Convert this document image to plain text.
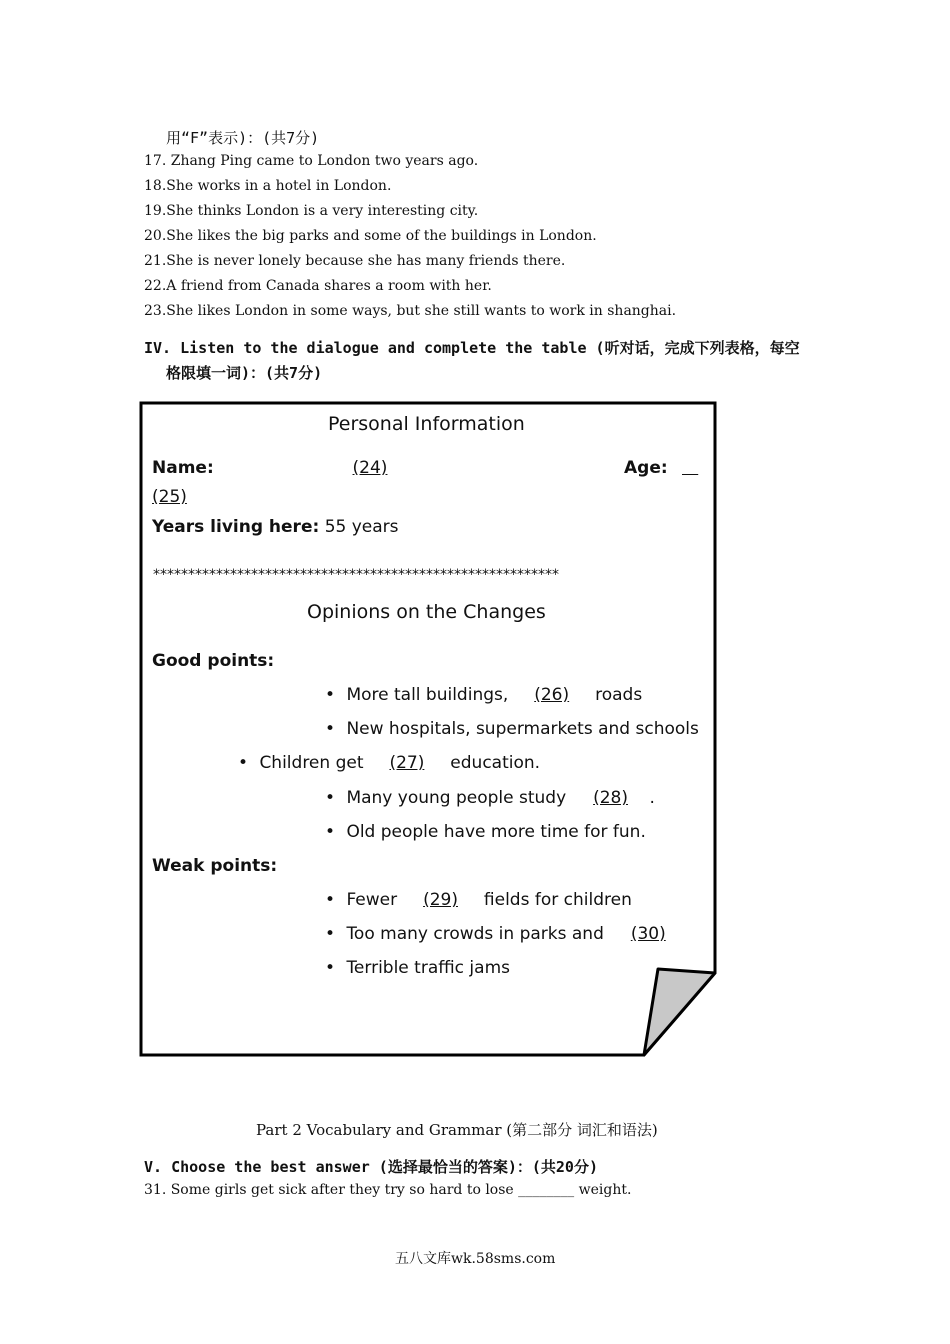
用“F”表示)：(共7分)
17. Zhang Ping came to London two years ago.
18.She works in a hotel in London.
19.She thinks London is a very interesting city.
20.She likes the big parks and some of the buildings in London.
21.She is never lonely because she has many friends there.
22.A friend from Canada shares a room with her.
23.She likes London in some ways, but she still wants to work in shanghai.
IV. Listen to the dialogue and complete the table (听对话，完成下列表格，每空
格限填一词)：(共7分)
Personal Information
Name:	(24)	Age:

(25)
Years living here: 55 years
**********************************************************
Opinions on the Changes
Good points:
• More tall buildings, (26) roads
• New hospitals, supermarkets and schools
• Children get (27) education.
• Many young people study (28) .
• Old people have more time for fun.
Weak points:
• Fewer (29) fields for children
• Too many crowds in parks and (30)
• Terrible traffic jams
Part 2 Vocabulary and Grammar (第二部分 词汇和语法)
V. Choose the best answer (选择最恰当的答案)：(共20分)
31. Some girls get sick after they try so hard to lose ________ weight.
五八文库wk.58sms.com
